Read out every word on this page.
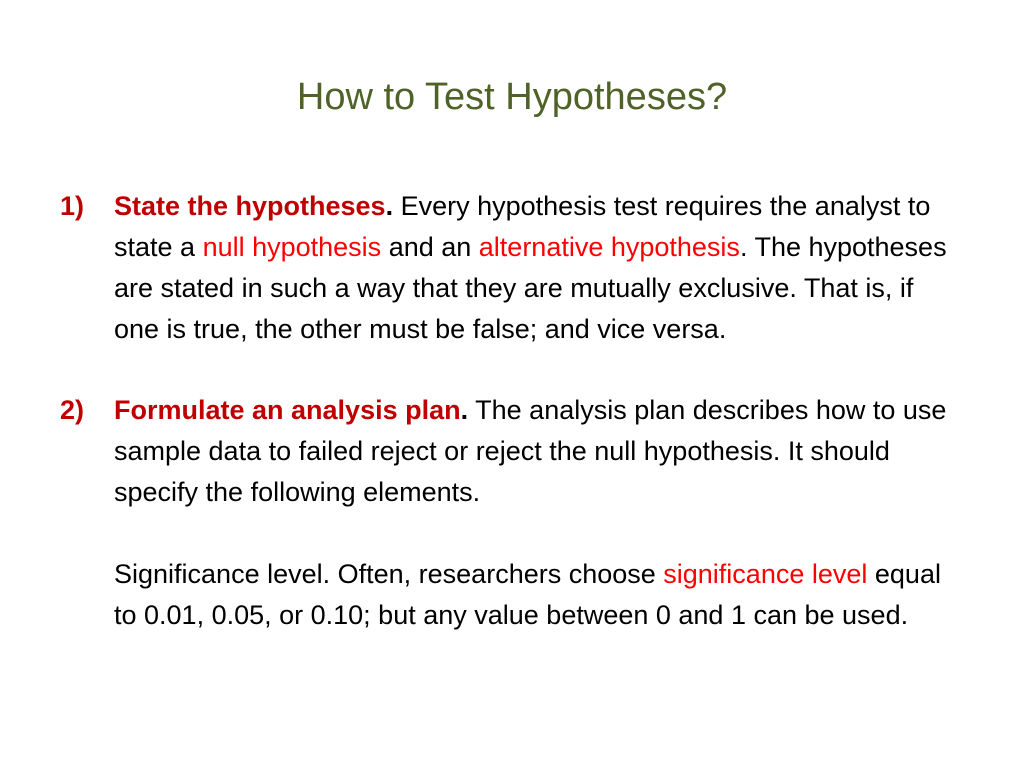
How to Test Hypotheses?
1) State the hypotheses. Every hypothesis test requires the analyst to state a null hypothesis and an alternative hypothesis. The hypotheses are stated in such a way that they are mutually exclusive. That is, if one is true, the other must be false; and vice versa.
2) Formulate an analysis plan. The analysis plan describes how to use sample data to failed reject or reject the null hypothesis. It should specify the following elements.
Significance level. Often, researchers choose significance level equal to 0.01, 0.05, or 0.10; but any value between 0 and 1 can be used.
